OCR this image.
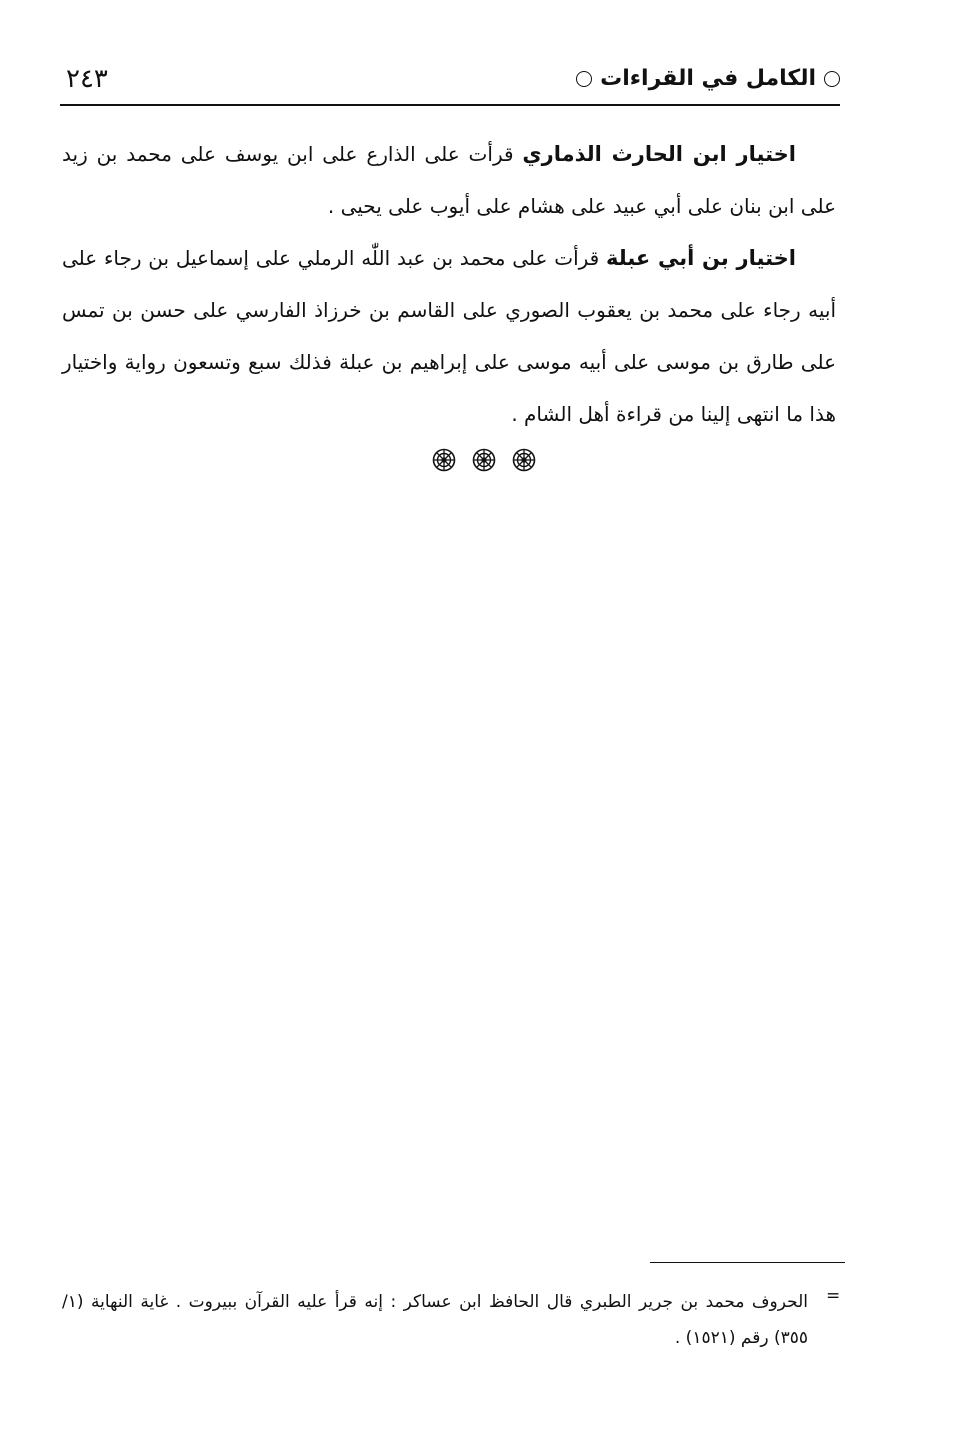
الكامل في القراءات
٢٤٣

اختيار ابن الحارث الذماري قرأت على الذارع على ابن يوسف على محمد بن زيد على ابن بنان على أبي عبيد على هشام على أيوب على يحيى .

اختيار بن أبي عبلة قرأت على محمد بن عبد اللّٰه الرملي على إسماعيل بن رجاء على أبيه رجاء على محمد بن يعقوب الصوري على القاسم بن خرزاذ الفارسي على حسن بن تمس على طارق بن موسى على أبيه موسى على إبراهيم بن عبلة فذلك سبع وتسعون رواية واختيار هذا ما انتهى إلينا من قراءة أهل الشام .

=
الحروف محمد بن جرير الطبري قال الحافظ ابن عساكر : إنه قرأ عليه القرآن ببيروت . غاية النهاية (١/ ٣٥٥) رقم (١٥٢١) .
